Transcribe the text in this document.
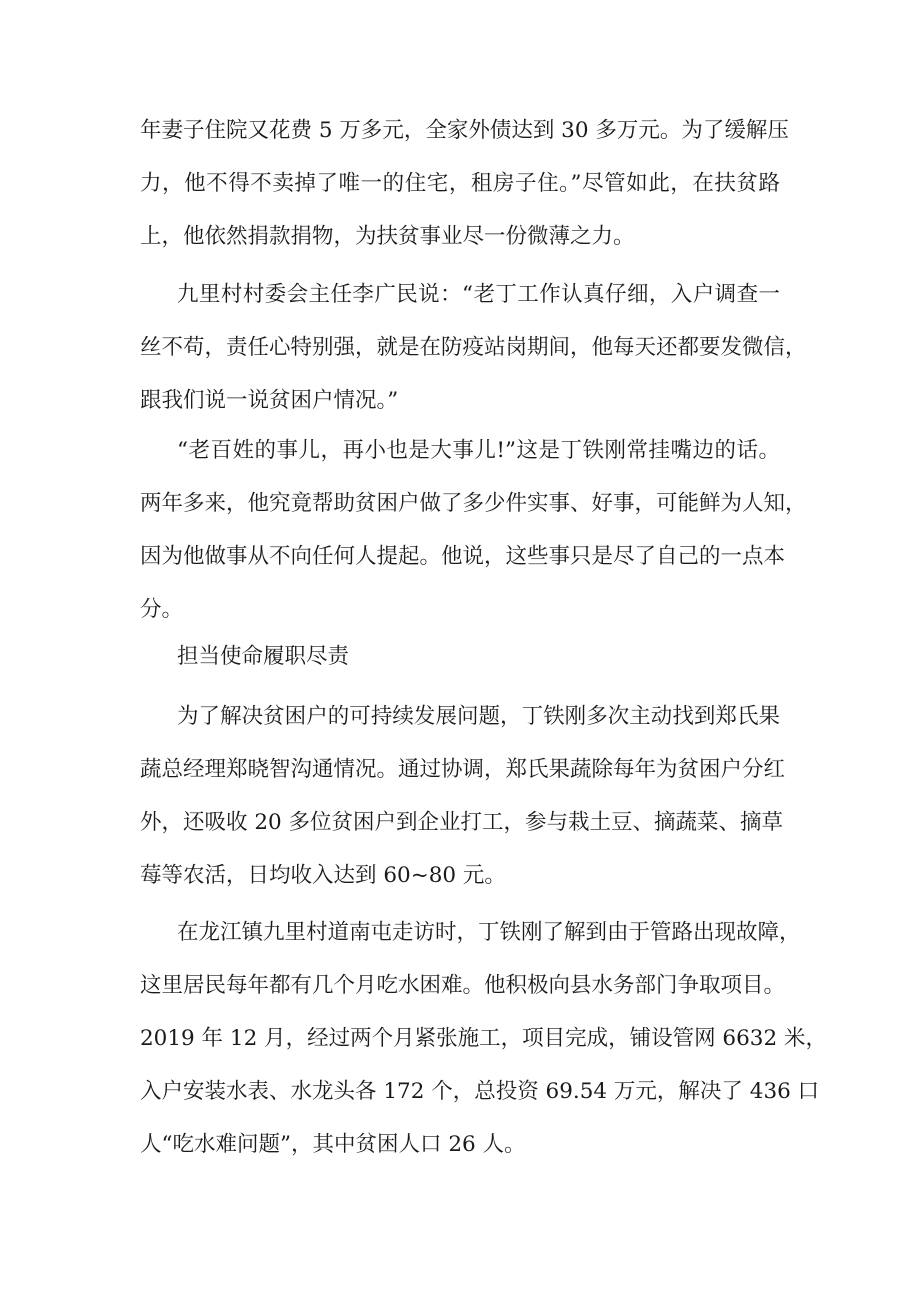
年妻子住院又花费 5 万多元，全家外债达到 30 多万元。为了缓解压
力，他不得不卖掉了唯一的住宅，租房子住。”尽管如此，在扶贫路
上，他依然捐款捐物，为扶贫事业尽一份微薄之力。
九里村村委会主任李广民说：“老丁工作认真仔细，入户调查一
丝不苟，责任心特别强，就是在防疫站岗期间，他每天还都要发微信，
跟我们说一说贫困户情况。”
“老百姓的事儿，再小也是大事儿!”这是丁铁刚常挂嘴边的话。
两年多来，他究竟帮助贫困户做了多少件实事、好事，可能鲜为人知，
因为他做事从不向任何人提起。他说，这些事只是尽了自己的一点本
分。
担当使命履职尽责
为了解决贫困户的可持续发展问题，丁铁刚多次主动找到郑氏果
蔬总经理郑晓智沟通情况。通过协调，郑氏果蔬除每年为贫困户分红
外，还吸收 20 多位贫困户到企业打工，参与栽土豆、摘蔬菜、摘草
莓等农活，日均收入达到 60~80 元。
在龙江镇九里村道南屯走访时，丁铁刚了解到由于管路出现故障，
这里居民每年都有几个月吃水困难。他积极向县水务部门争取项目。
2019 年 12 月，经过两个月紧张施工，项目完成，铺设管网 6632 米，
入户安装水表、水龙头各 172 个，总投资 69.54 万元，解决了 436 口
人“吃水难问题”，其中贫困人口 26 人。
